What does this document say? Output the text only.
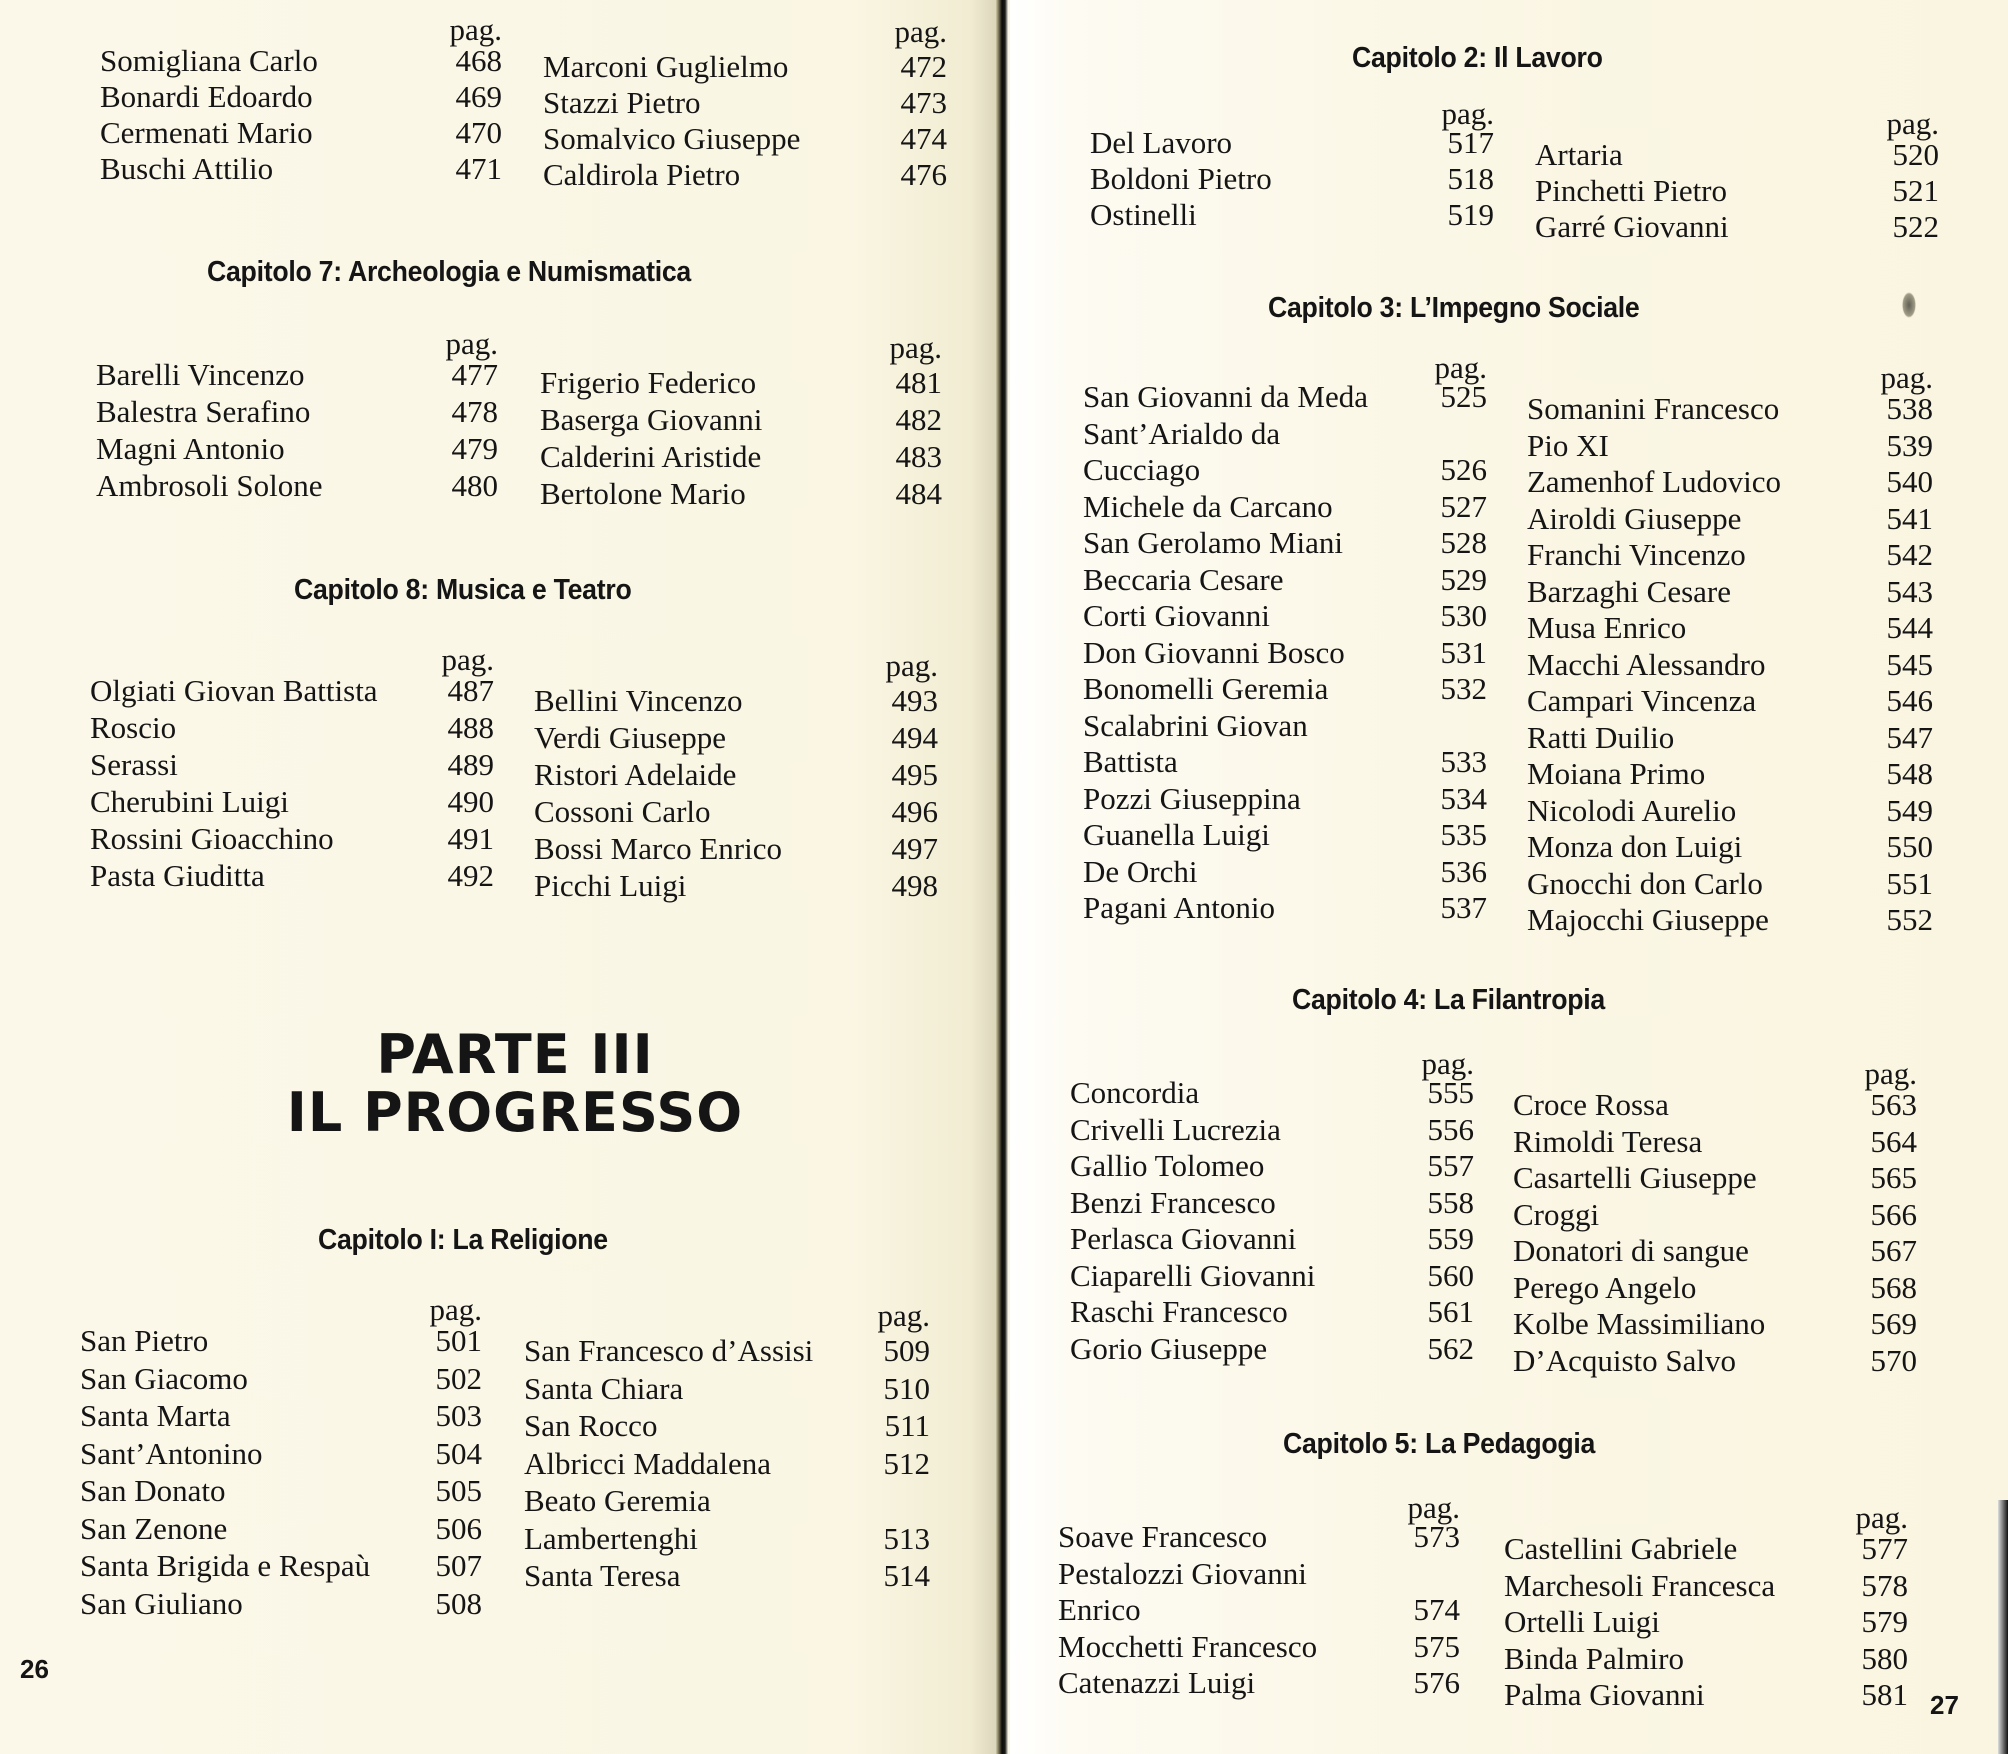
pag.
Somigliana Carlo	468
Bonardi Edoardo	469
Cermenati Mario	470
Buschi Attilio	471
pag.
Marconi Guglielmo	472
Stazzi Pietro	473
Somalvico Giuseppe	474
Caldirola Pietro	476
Capitolo 7: Archeologia e Numismatica
pag.
Barelli Vincenzo	477
Balestra Serafino	478
Magni Antonio	479
Ambrosoli Solone	480
pag.
Frigerio Federico	481
Baserga Giovanni	482
Calderini Aristide	483
Bertolone Mario	484
Capitolo 8: Musica e Teatro
pag.
Olgiati Giovan Battista 487
Roscio	488
Serassi	489
Cherubini Luigi	490
Rossini Gioacchino	491
Pasta Giuditta	492
pag.
Bellini Vincenzo	493
Verdi Giuseppe	494
Ristori Adelaide	495
Cossoni Carlo	496
Bossi Marco Enrico	497
Picchi Luigi	498
PARTE III
IL PROGRESSO
Capitolo I: La Religione
pag.
San Pietro	501
San Giacomo	502
Santa Marta	503
Sant’Antonino	504
San Donato	505
San Zenone	506
Santa Brigida e Respaù 507
San Giuliano	508
pag.
San Francesco d’Assisi 509
Santa Chiara	510
San Rocco	511
Albricci Maddalena	512
Beato Geremia
Lambertenghi	513
Santa Teresa	514
26
Capitolo 2: Il Lavoro
pag.
Del Lavoro	517
Boldoni Pietro	518
Ostinelli	519
pag.
Artaria	520
Pinchetti Pietro	521
Garré Giovanni	522
Capitolo 3: L’Impegno Sociale
pag.
San Giovanni da Meda 525
Sant’Arialdo da
Cucciago	526
Michele da Carcano	527
San Gerolamo Miani	528
Beccaria Cesare	529
Corti Giovanni	530
Don Giovanni Bosco	531
Bonomelli Geremia	532
Scalabrini Giovan
Battista	533
Pozzi Giuseppina	534
Guanella Luigi	535
De Orchi	536
Pagani Antonio	537
pag.
Somanini Francesco	538
Pio XI	539
Zamenhof Ludovico	540
Airoldi Giuseppe	541
Franchi Vincenzo	542
Barzaghi Cesare	543
Musa Enrico	544
Macchi Alessandro	545
Campari Vincenza	546
Ratti Duilio	547
Moiana Primo	548
Nicolodi Aurelio	549
Monza don Luigi	550
Gnocchi don Carlo	551
Majocchi Giuseppe	552
Capitolo 4: La Filantropia
pag.
Concordia	555
Crivelli Lucrezia	556
Gallio Tolomeo	557
Benzi Francesco	558
Perlasca Giovanni	559
Ciaparelli Giovanni	560
Raschi Francesco	561
Gorio Giuseppe	562
pag.
Croce Rossa	563
Rimoldi Teresa	564
Casartelli Giuseppe	565
Croggi	566
Donatori di sangue	567
Perego Angelo	568
Kolbe Massimiliano	569
D’Acquisto Salvo	570
Capitolo 5: La Pedagogia
pag.
Soave Francesco	573
Pestalozzi Giovanni
Enrico	574
Mocchetti Francesco	575
Catenazzi Luigi	576
pag.
Castellini Gabriele	577
Marchesoli Francesca	578
Ortelli Luigi	579
Binda Palmiro	580
Palma Giovanni	581 27
